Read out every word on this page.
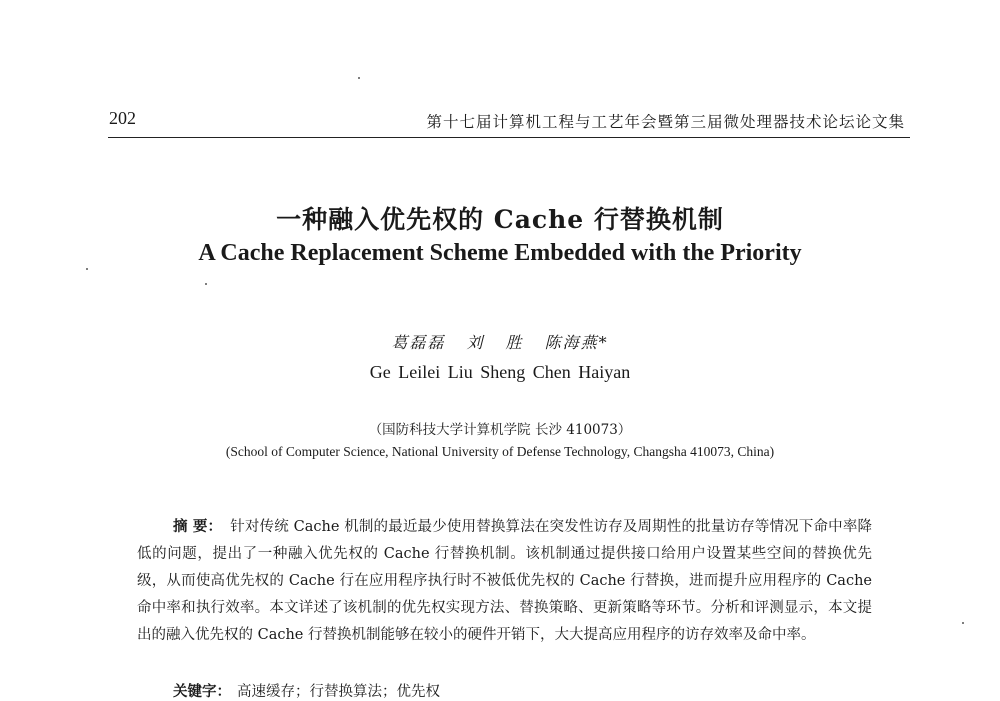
202	第十七届计算机工程与工艺年会暨第三届微处理器技术论坛论文集
一种融入优先权的 Cache 行替换机制
A Cache Replacement Scheme Embedded with the Priority
葛磊磊 刘 胜 陈海燕*
Ge Leilei Liu Sheng Chen Haiyan
（国防科技大学计算机学院 长沙 410073）
(School of Computer Science, National University of Defense Technology, Changsha 410073, China)
摘 要： 针对传统 Cache 机制的最近最少使用替换算法在突发性访存及周期性的批量访存等情况下命中率降低的问题，提出了一种融入优先权的 Cache 行替换机制。该机制通过提供接口给用户设置某些空间的替换优先级，从而使高优先权的 Cache 行在应用程序执行时不被低优先权的 Cache 行替换，进而提升应用程序的 Cache 命中率和执行效率。本文详述了该机制的优先权实现方法、替换策略、更新策略等环节。分析和评测显示，本文提出的融入优先权的 Cache 行替换机制能够在较小的硬件开销下，大大提高应用程序的访存效率及命中率。
关键字： 高速缓存；行替换算法；优先权
